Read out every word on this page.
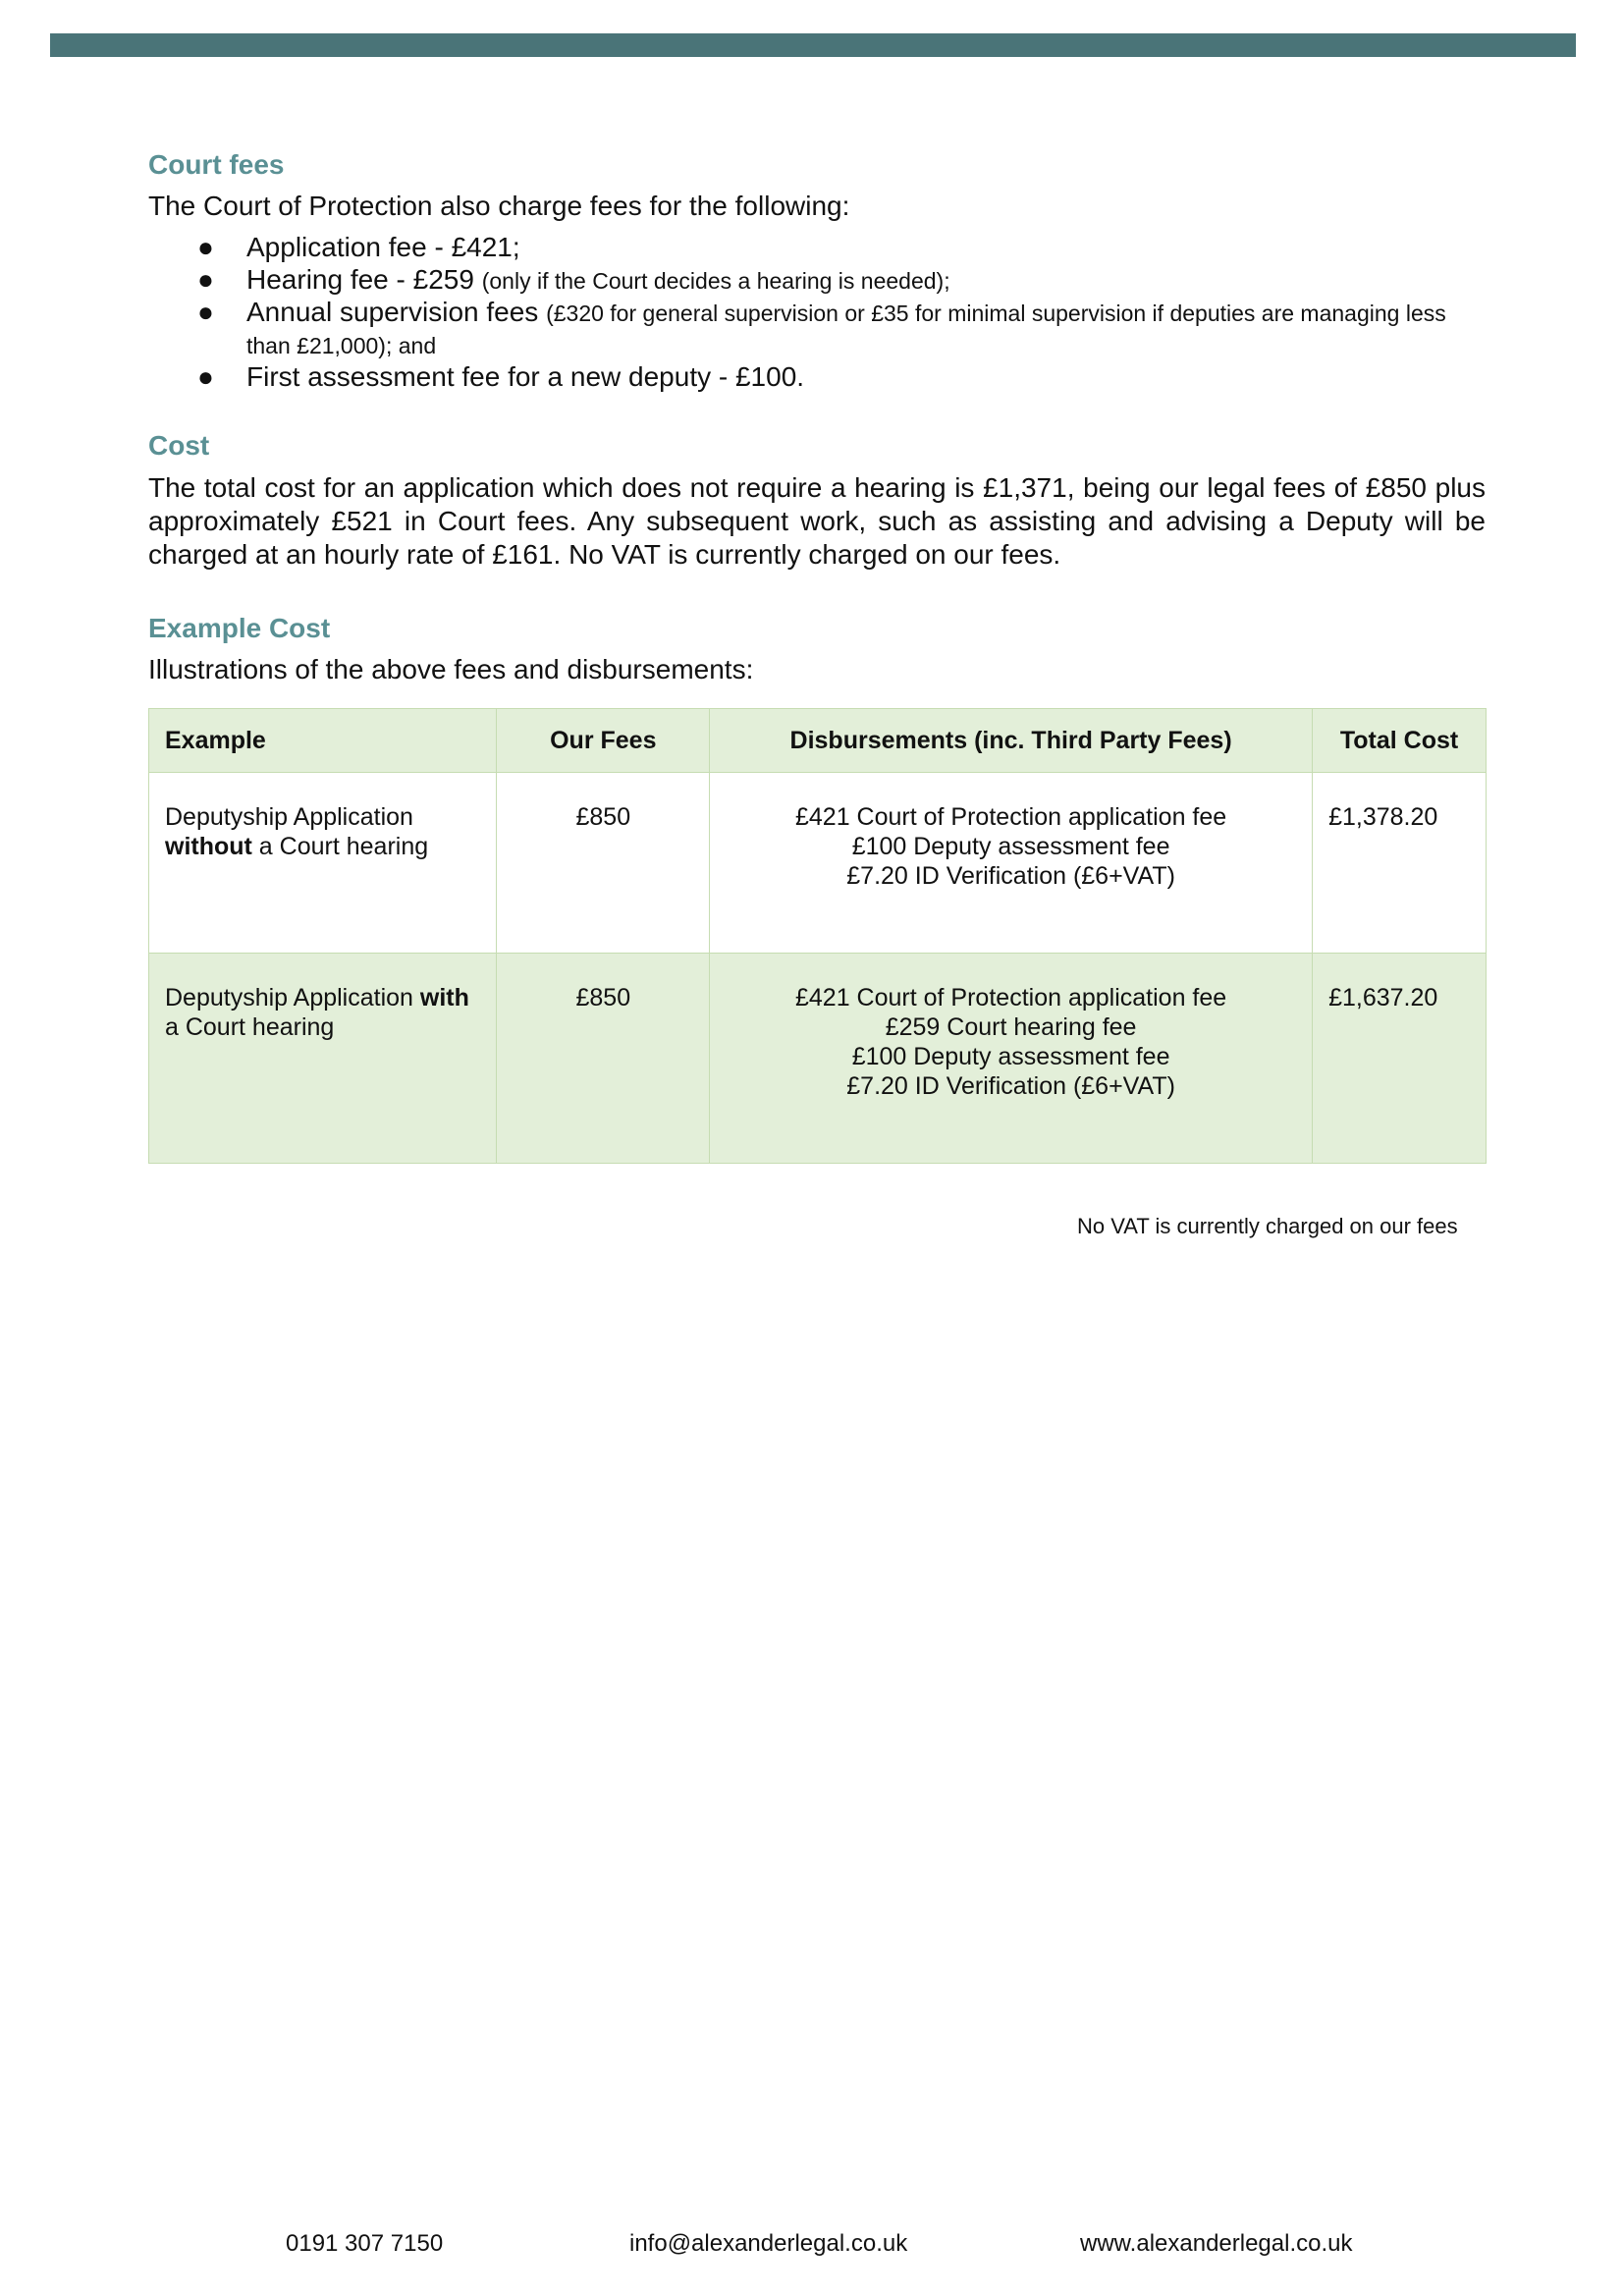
Court fees

The Court of Protection also charge fees for the following:

● Application fee - £421;
● Hearing fee - £259 (only if the Court decides a hearing is needed);
● Annual supervision fees (£320 for general supervision or £35 for minimal supervision if deputies are managing less than £21,000); and
● First assessment fee for a new deputy - £100.
Cost

The total cost for an application which does not require a hearing is £1,371, being our legal fees of £850 plus approximately £521 in Court fees. Any subsequent work, such as assisting and advising a Deputy will be charged at an hourly rate of £161. No VAT is currently charged on our fees.

Example Cost

Illustrations of the above fees and disbursements:

Example	Our Fees	Disbursements (inc. Third Party Fees)	Total Cost
Deputyship Application without a Court hearing	£850	£421 Court of Protection application fee
£100 Deputy assessment fee
£7.20 ID Verification (£6+VAT)	£1,378.20
Deputyship Application with a Court hearing	£850	£421 Court of Protection application fee
£259 Court hearing fee
£100 Deputy assessment fee
£7.20 ID Verification (£6+VAT)	£1,637.20
No VAT is currently charged on our fees
0191 307 7150	info@alexanderlegal.co.uk	www.alexanderlegal.co.uk
